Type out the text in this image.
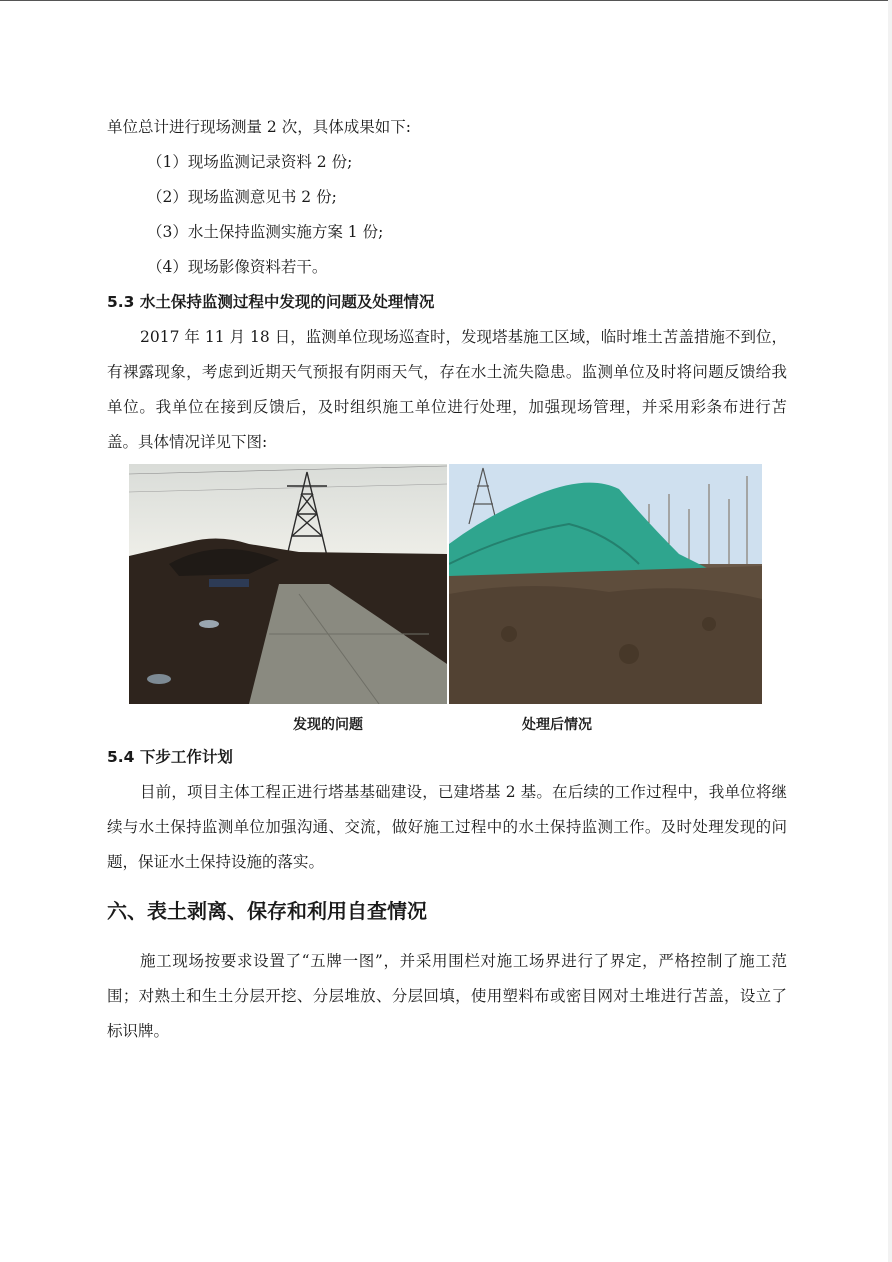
单位总计进行现场测量 2 次，具体成果如下:

（1）现场监测记录资料 2 份;

（2）现场监测意见书 2 份;

（3）水土保持监测实施方案 1 份;

（4）现场影像资料若干。

5.3 水土保持监测过程中发现的问题及处理情况

2017 年 11 月 18 日，监测单位现场巡查时，发现塔基施工区域，临时堆土苫盖措施不到位，有裸露现象，考虑到近期天气预报有阴雨天气，存在水土流失隐患。监测单位及时将问题反馈给我单位。我单位在接到反馈后，及时组织施工单位进行处理，加强现场管理，并采用彩条布进行苫盖。具体情况详见下图:

发现的问题	处理后情况

5.4 下步工作计划

目前，项目主体工程正进行塔基基础建设，已建塔基 2 基。在后续的工作过程中，我单位将继续与水土保持监测单位加强沟通、交流，做好施工过程中的水土保持监测工作。及时处理发现的问题，保证水土保持设施的落实。

六、表土剥离、保存和利用自查情况

施工现场按要求设置了“五牌一图”，并采用围栏对施工场界进行了界定，严格控制了施工范围；对熟土和生土分层开挖、分层堆放、分层回填，使用塑料布或密目网对土堆进行苫盖，设立了标识牌。
